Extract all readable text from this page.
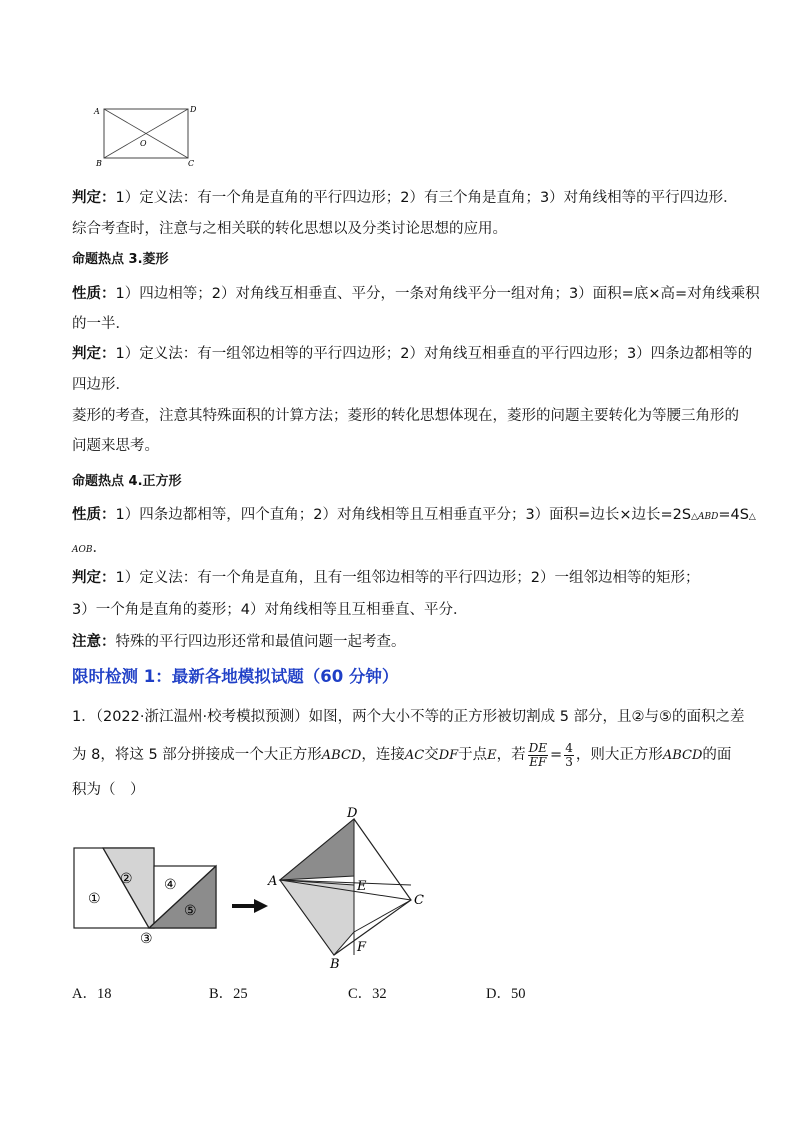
A	D
B	C
O
判定：1）定义法：有一个角是直角的平行四边形；2）有三个角是直角；3）对角线相等的平行四边形．
综合考查时，注意与之相关联的转化思想以及分类讨论思想的应用。
命题热点 3.菱形
性质：1）四边相等；2）对角线互相垂直、平分，一条对角线平分一组对角；3）面积=底×高=对角线乘积
的一半．
判定：1）定义法：有一组邻边相等的平行四边形；2）对角线互相垂直的平行四边形；3）四条边都相等的
四边形．
菱形的考查，注意其特殊面积的计算方法；菱形的转化思想体现在，菱形的问题主要转化为等腰三角形的
问题来思考。
命题热点 4.正方形
性质：1）四条边都相等，四个直角；2）对角线相等且互相垂直平分；3）面积=边长×边长=2S△ABD=4S△
AOB．
判定：1）定义法：有一个角是直角，且有一组邻边相等的平行四边形；2）一组邻边相等的矩形；
3）一个角是直角的菱形；4）对角线相等且互相垂直、平分．
注意：特殊的平行四边形还常和最值问题一起考查。
限时检测 1：最新各地模拟试题（60 分钟）
1．（2022·浙江温州·校考模拟预测）如图，两个大小不等的正方形被切割成 5 部分，且②与⑤的面积之差
为 8，将这 5 部分拼接成一个大正方形ABCD，连接AC交DF于点E，若 $\frac{DE}{EF} = \frac{4}{3}$ ，则大正方形ABCD的面
积为（　）
①
②
③
④
⑤
D
A	E
C
F
B
A．18	B．25	C．32	D．50
